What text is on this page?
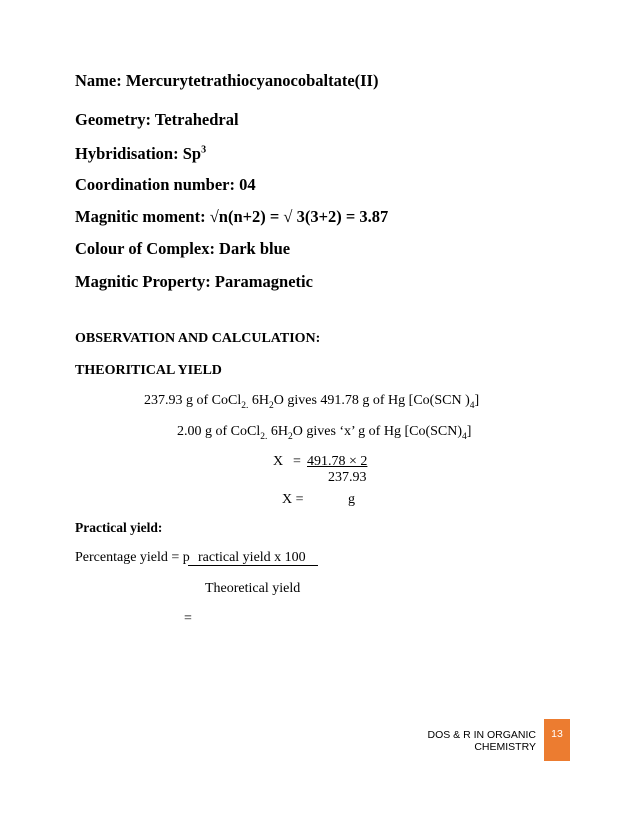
Name: Mercurytetrathiocyanocobaltate(II)
Geometry: Tetrahedral
Hybridisation: Sp$^3$
Coordination number: 04
Magnitic moment: √n(n+2) = √ 3(3+2) = 3.87
Colour of Complex: Dark blue
Magnitic Property: Paramagnetic
OBSERVATION AND CALCULATION:
THEORITICAL YIELD
237.93 g of CoCl$_{2.}$ $6H_2O$ gives 491.78 g of Hg [Co(SCN )$_4$]
2.00 g of CoCl$_{2.}$ $6H_2O$ gives ‘x’ g of Hg $[Co(SCN)_4]$
X = 491.78 × 2
237.93
X =	g
Practical yield:
Percentage yield = p ractical yield x 100
Theoretical yield
=
DOS & R IN ORGANIC CHEMISTRY
13
